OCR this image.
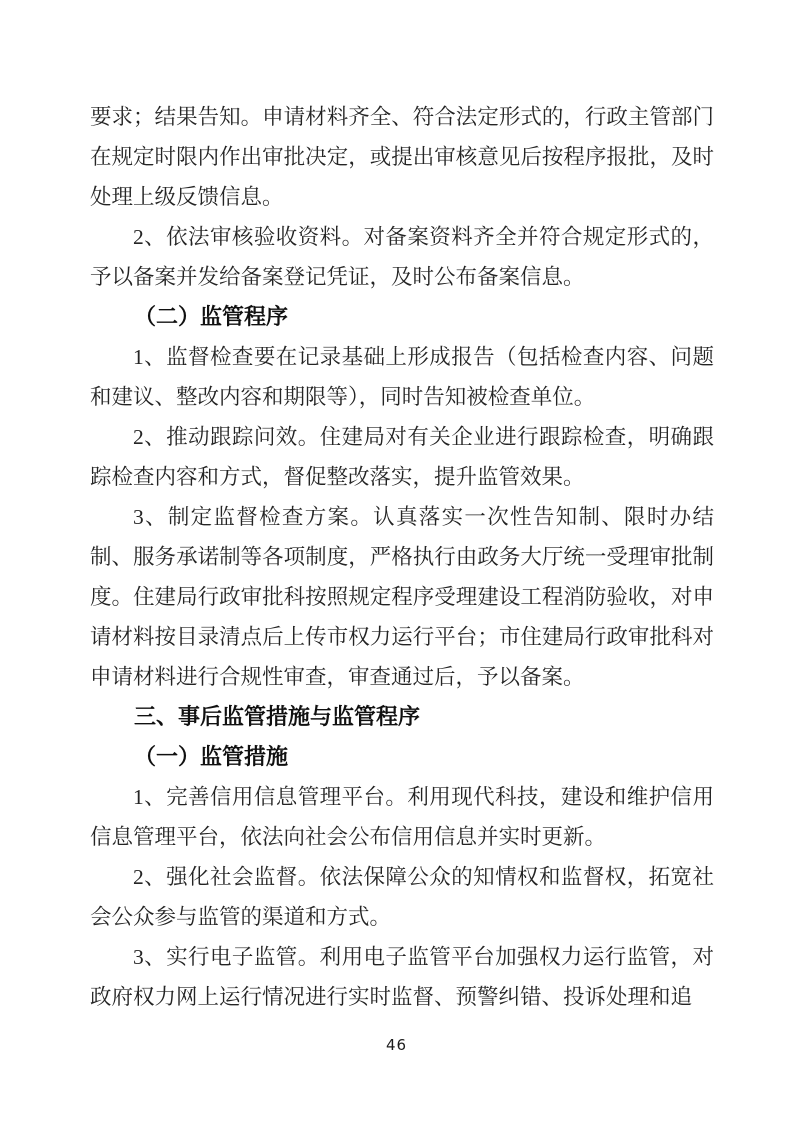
要求；结果告知。申请材料齐全、符合法定形式的，行政主管部门在规定时限内作出审批决定，或提出审核意见后按程序报批，及时处理上级反馈信息。

2、依法审核验收资料。对备案资料齐全并符合规定形式的，予以备案并发给备案登记凭证，及时公布备案信息。

（二）监管程序

1、监督检查要在记录基础上形成报告（包括检查内容、问题和建议、整改内容和期限等），同时告知被检查单位。

2、推动跟踪问效。住建局对有关企业进行跟踪检查，明确跟踪检查内容和方式，督促整改落实，提升监管效果。

3、制定监督检查方案。认真落实一次性告知制、限时办结制、服务承诺制等各项制度，严格执行由政务大厅统一受理审批制度。住建局行政审批科按照规定程序受理建设工程消防验收，对申请材料按目录清点后上传市权力运行平台；市住建局行政审批科对申请材料进行合规性审查，审查通过后，予以备案。

三、事后监管措施与监管程序
（一）监管措施

1、完善信用信息管理平台。利用现代科技，建设和维护信用信息管理平台，依法向社会公布信用信息并实时更新。

2、强化社会监督。依法保障公众的知情权和监督权，拓宽社会公众参与监管的渠道和方式。

3、实行电子监管。利用电子监管平台加强权力运行监管，对政府权力网上运行情况进行实时监督、预警纠错、投诉处理和追

46
